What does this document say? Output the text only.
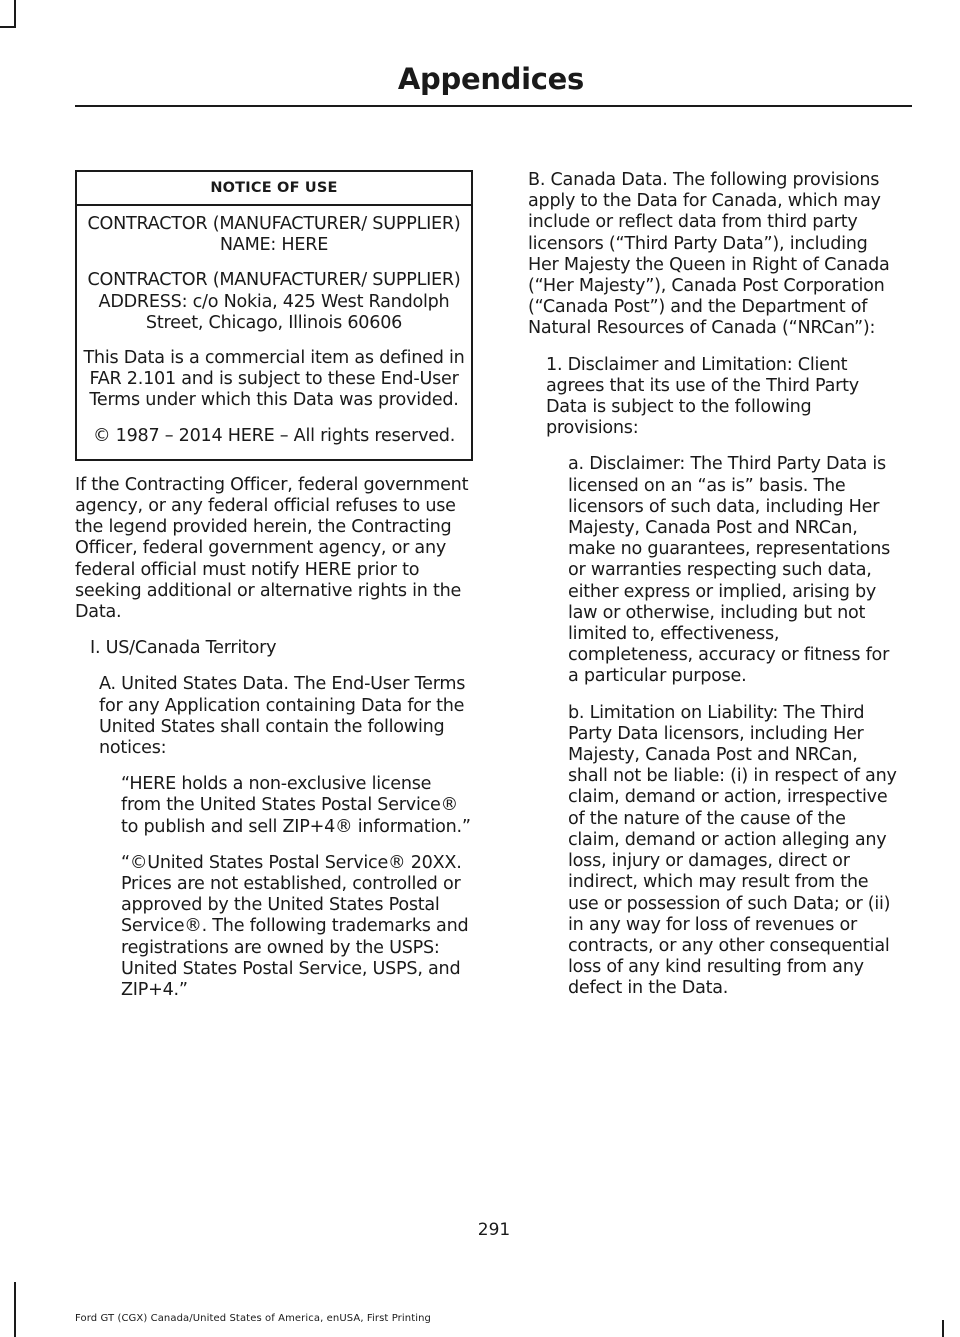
Appendices
NOTICE OF USE

CONTRACTOR (MANUFACTURER/ SUPPLIER) NAME: HERE

CONTRACTOR (MANUFACTURER/ SUPPLIER) ADDRESS: c/o Nokia, 425 West Randolph Street, Chicago, Illinois 60606

This Data is a commercial item as defined in FAR 2.101 and is subject to these End-User Terms under which this Data was provided.

© 1987 – 2014 HERE – All rights reserved.

If the Contracting Officer, federal government agency, or any federal official refuses to use the legend provided herein, the Contracting Officer, federal government agency, or any federal official must notify HERE prior to seeking additional or alternative rights in the Data.

I. US/Canada Territory

A. United States Data. The End-User Terms for any Application containing Data for the United States shall contain the following notices:

“HERE holds a non-exclusive license from the United States Postal Service® to publish and sell ZIP+4® information.”

“©United States Postal Service® 20XX. Prices are not established, controlled or approved by the United States Postal Service®. The following trademarks and registrations are owned by the USPS: United States Postal Service, USPS, and ZIP+4.”

B. Canada Data. The following provisions apply to the Data for Canada, which may include or reflect data from third party licensors (“Third Party Data”), including Her Majesty the Queen in Right of Canada (“Her Majesty”), Canada Post Corporation (“Canada Post”) and the Department of Natural Resources of Canada (“NRCan”):

1. Disclaimer and Limitation: Client agrees that its use of the Third Party Data is subject to the following provisions:

a. Disclaimer: The Third Party Data is licensed on an “as is” basis. The licensors of such data, including Her Majesty, Canada Post and NRCan, make no guarantees, representations or warranties respecting such data, either express or implied, arising by law or otherwise, including but not limited to, effectiveness, completeness, accuracy or fitness for a particular purpose.

b. Limitation on Liability: The Third Party Data licensors, including Her Majesty, Canada Post and NRCan, shall not be liable: (i) in respect of any claim, demand or action, irrespective of the nature of the cause of the claim, demand or action alleging any loss, injury or damages, direct or indirect, which may result from the use or possession of such Data; or (ii) in any way for loss of revenues or contracts, or any other consequential loss of any kind resulting from any defect in the Data.

291
Ford GT (CGX) Canada/United States of America, enUSA, First Printing
